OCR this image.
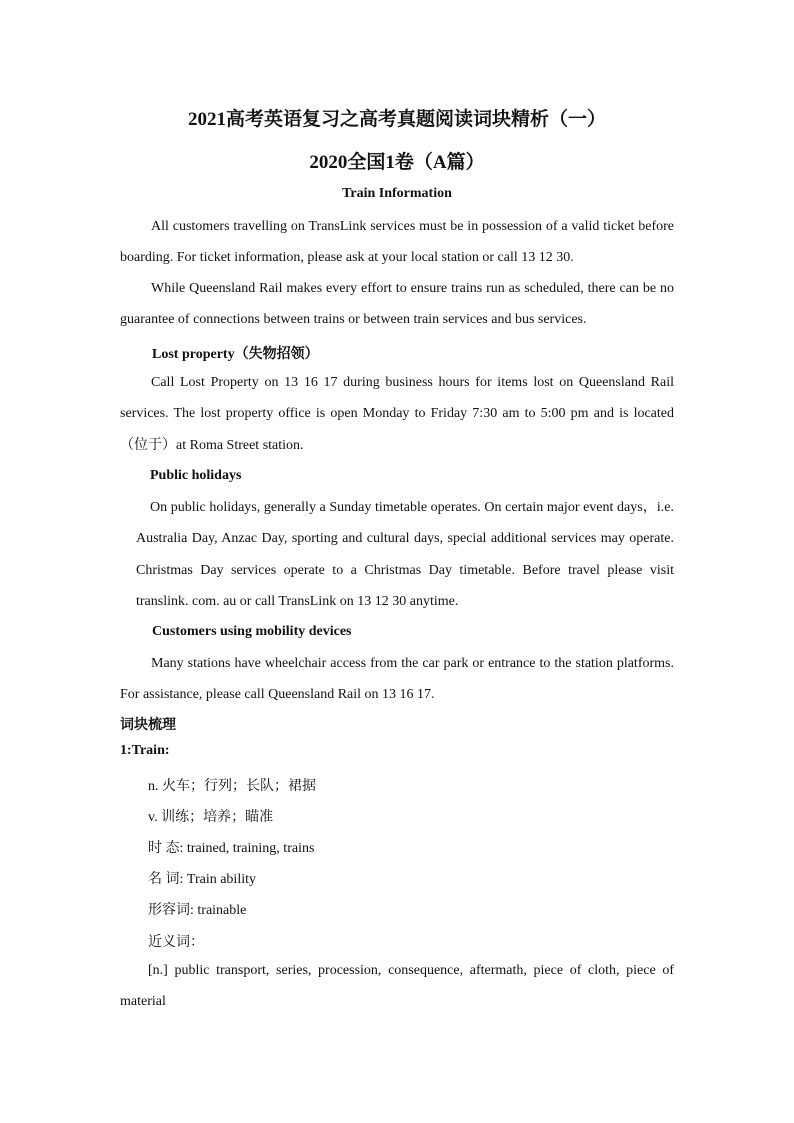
2021高考英语复习之高考真题阅读词块精析（一）
2020全国1卷（A篇）
Train Information

All customers travelling on TransLink services must be in possession of a valid ticket before boarding. For ticket information, please ask at your local station or call 13 12 30.

While Queensland Rail makes every effort to ensure trains run as scheduled, there can be no guarantee of connections between trains or between train services and bus services.

Lost property（失物招领）

Call Lost Property on 13 16 17 during business hours for items lost on Queensland Rail services. The lost property office is open Monday to Friday 7:30 am to 5:00 pm and is located （位于）at Roma Street station.

Public holidays

On public holidays, generally a Sunday timetable operates. On certain major event days，i.e. Australia Day, Anzac Day, sporting and cultural days, special additional services may operate. Christmas Day services operate to a Christmas Day timetable. Before travel please visit translink. com. au or call TransLink on 13 12 30 anytime.

Customers using mobility devices

Many stations have wheelchair access from the car park or entrance to the station platforms. For assistance, please call Queensland Rail on 13 16 17.

词块梳理

1:Train:

n. 火车；行列；长队；裙据

v. 训练；培养；瞄准

时 态: trained, training, trains

名 词: Train ability

形容词: trainable

近义词：

[n.] public transport, series, procession, consequence, aftermath, piece of cloth, piece of material
